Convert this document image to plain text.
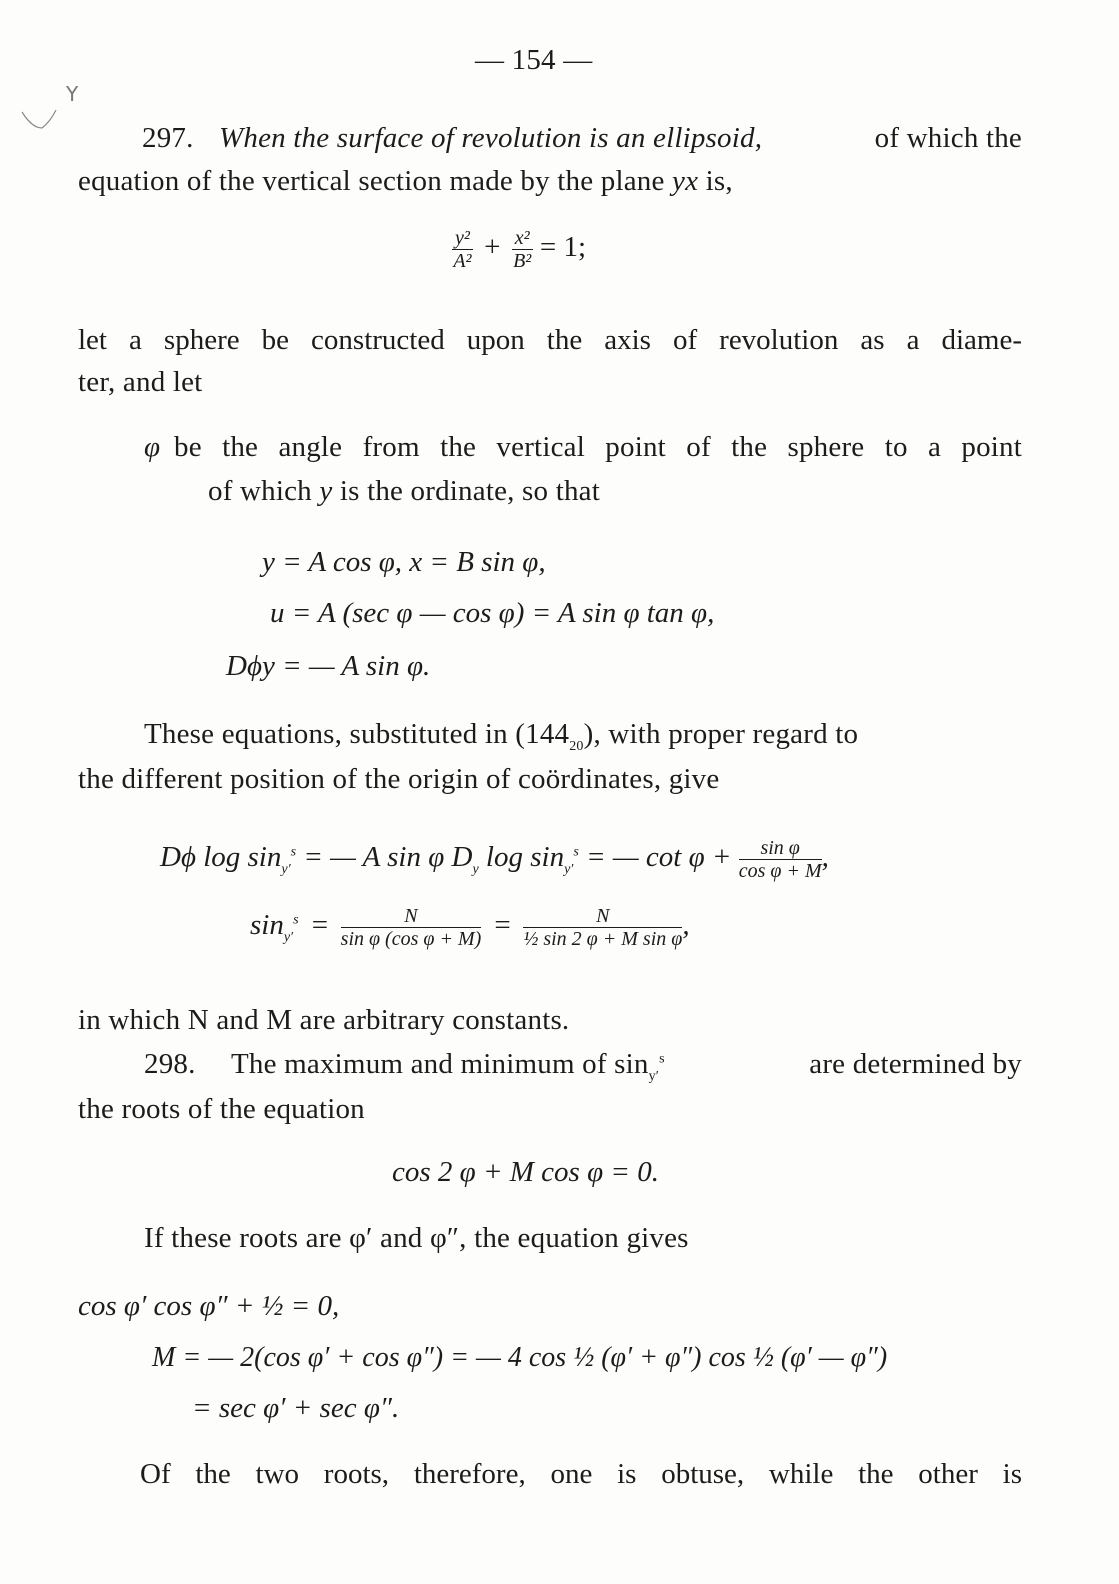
— 154 —
Y
297. When the surface of revolution is an ellipsoid,	of which the
equation of the vertical section made by the plane yx is,
$\frac{\text{y²}}{\text{A²}} + \frac{\text{x²}}{\text{B²}} = 1$;
let a sphere be constructed upon the axis of revolution as a diame-
ter, and let
φ be the angle from the vertical point of the sphere to a point
of which y is the ordinate, so that
y = A cos φ, x = B sin φ,
u = A (sec φ — cos φ) = A sin φ tan φ,
Dϕy = — A sin φ.
These equations, substituted in $(144_{20})$, with proper regard to
the different position of the origin of coördinates, give
Dϕ $\log \sin_{y'}^s$ = — A sin φ $D_y$ $\log \sin_{y'}^s$ = — $\cot \varphi + \frac{\text{sin φ}}{\text{cos φ + M}}$ ,
$\sin_{y'}^s = \frac{N}{\text{sin φ (cos φ + M)}} = \frac{N}{\text{½ sin 2 φ + M sin φ}}$ ,
in which N and M are arbitrary constants.
298. The maximum and minimum of $\sin_{y'}^s$	are determined by
the roots of the equation
cos 2 φ + M cos φ = 0.
If these roots are φ′ and φ″, the equation gives
cos φ′ cos φ″ + ½ = 0,
M = — 2(cos φ′ + cos φ″) = — 4 cos ½ (φ′ + φ″) cos ½ (φ′ — φ″)
= sec φ′ + sec φ″.
Of the two roots, therefore, one is obtuse, while the other is
